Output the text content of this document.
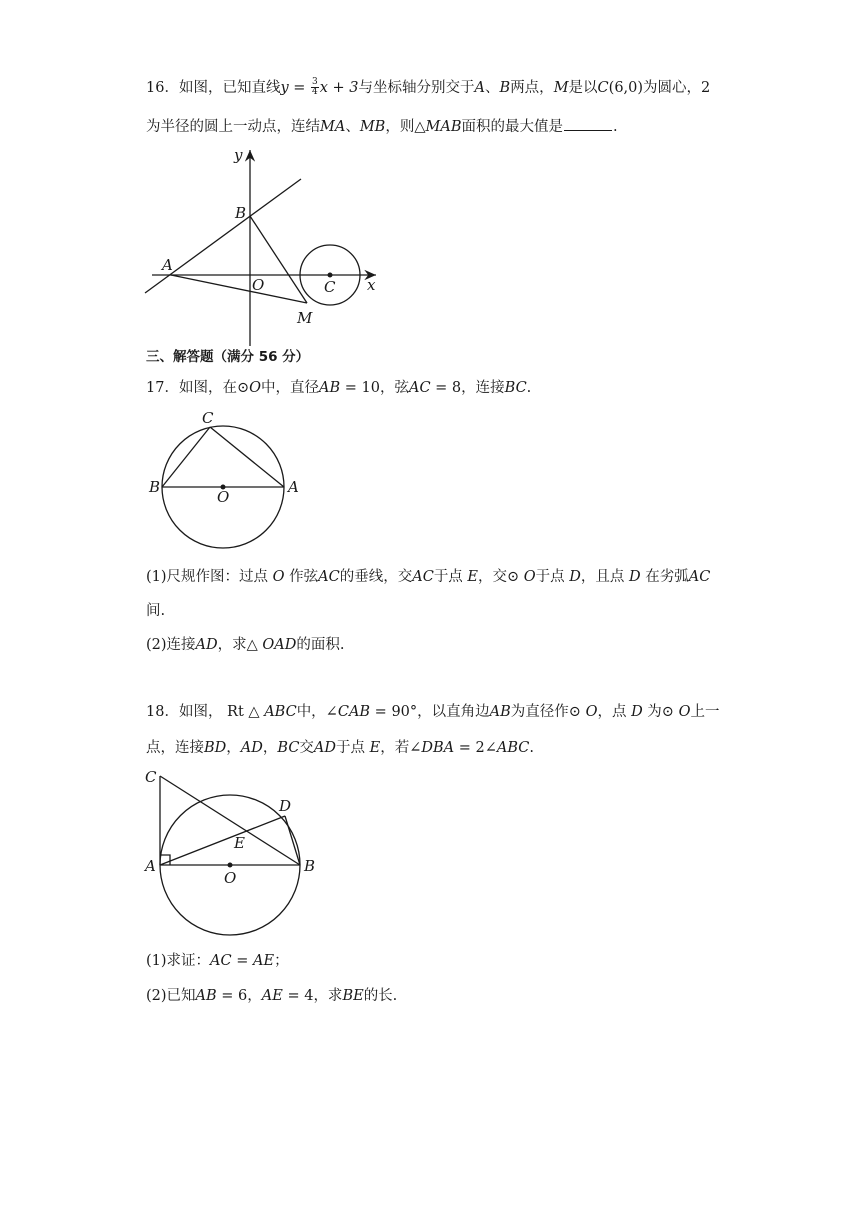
16．如图，已知直线$y = \frac{3}{4}$ x + 3与坐标轴分别交于A、B两点，M是以C(6,0)为圆心，2
为半径的圆上一动点，连结MA、MB，则△MAB面积的最大值是	.
y
x
B
A
O	C
M
三、解答题（满分 56 分）
17．如图，在⊙O中，直径AB = 10，弦AC = 8，连接BC.
C
B	A
O
(1)尺规作图：过点 O 作弦AC的垂线，交AC于点 E，交⊙ O于点 D，且点 D 在劣弧AC
间.
(2)连接AD，求△ OAD的面积.
18．如图， Rt △ ABC中，∠CAB = 90°，以直角边AB为直径作⊙ O，点 D 为⊙ O上一
点，连接BD，AD，BC交AD于点 E，若∠DBA = 2∠ABC.
C
D
E
A
O
B
(1)求证：AC = AE；
(2)已知AB = 6，AE = 4，求BE的长.
